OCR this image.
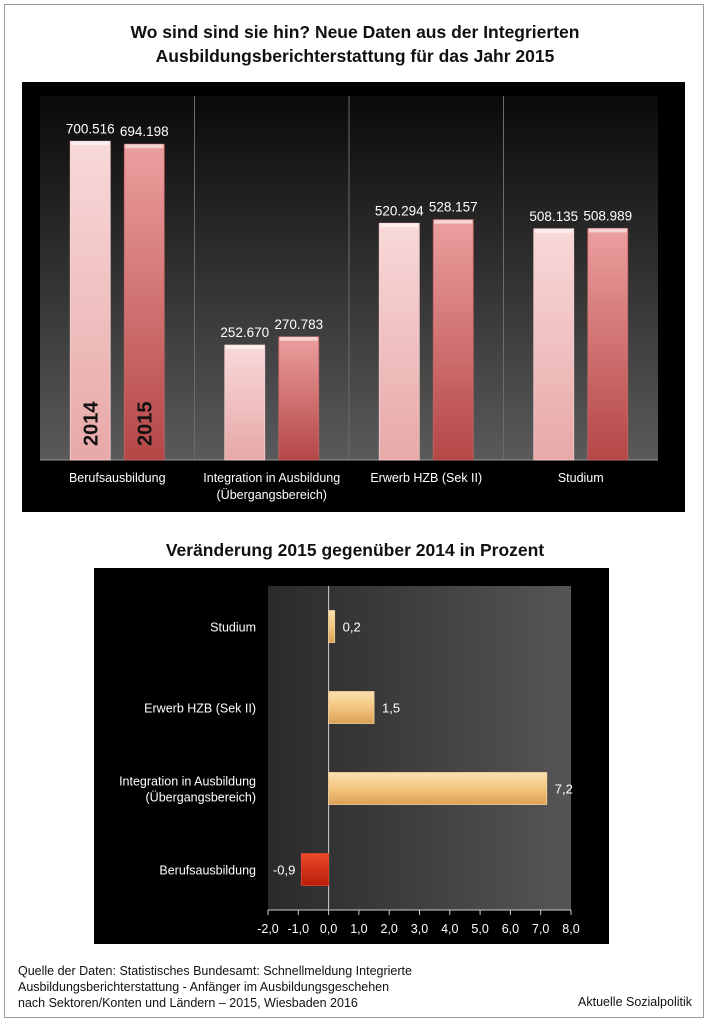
Wo sind sind sie hin? Neue Daten aus der Integrierten
Ausbildungsberichterstattung für das Jahr 2015
700.516
2014
694.198
2015
Berufsausbildung
252.670
270.783
Integration in Ausbildung
(Übergangsbereich)
520.294 528.157
Erwerb HZB (Sek II)
508.135 508.989
Studium
Veränderung 2015 gegenüber 2014 in Prozent
-2,0 -1,0 0,0 1,0 2,0 3,0 4,0 5,0 6,0 7,0 8,0
0,2
Studium
1,5
Erwerb HZB (Sek II)
7,2
Integration in Ausbildung
(Übergangsbereich)
-0,9
Berufsausbildung
Quelle der Daten: Statistisches Bundesamt: Schnellmeldung Integrierte
Ausbildungsberichterstattung - Anfänger im Ausbildungsgeschehen
nach Sektoren/Konten und Ländern – 2015, Wiesbaden 2016	Aktuelle Sozialpolitik
